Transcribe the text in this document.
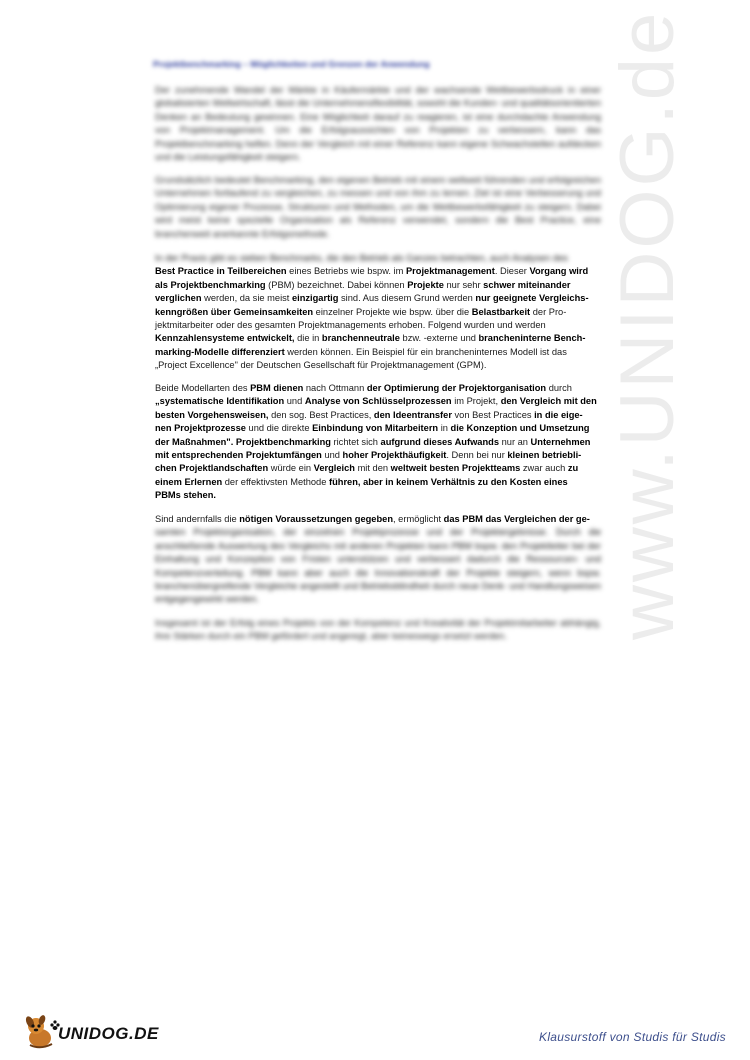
Projektbenchmarking – Möglichkeiten und Grenzen der Anwendung
Der zunehmende Wandel der Märkte in Käufermärkte und der wachsende Wettbewerbsdruck in einer globalisierten Weltwirtschaft, lässt die Unternehmensflexibilität, sowohl die Kunden- und qualitätsorientierten Denken an Bedeutung gewinnen. Eine Möglichkeit darauf zu reagieren, ist eine durchdachte Anwendung von Projektmanagement. Um die Erfolgsaussichten von Projekten zu verbessern, kann das Projektbenchmarking helfen. Denn der Vergleich mit einer Referenz kann eigene Schwachstellen aufdecken und die Leistungsfähigkeit steigern.
Grundsätzlich bedeutet Benchmarking, den eigenen Betrieb mit einem weltweit führenden und erfolgreichen Unternehmen fortlaufend zu vergleichen, zu messen und von ihm zu lernen. Ziel ist eine Verbesserung und Optimierung eigener Prozesse, Strukturen und Methoden, um die Wettbewerbsfähigkeit zu steigern. Dabei wird meist keine spezielle Organisation als Referenz verwendet, sondern die Best Practice, eine branchenweit anerkannte Erfolgsmethode.
In der Praxis gibt es sieben Benchmarks, die den Betrieb als Ganzes betrachten, auch Analysen des
Best Practice in Teilbereichen eines Betriebs wie bspw. im Projektmanagement. Dieser Vorgang wird
als Projektbenchmarking (PBM) bezeichnet. Dabei können Projekte nur sehr schwer miteinander
verglichen werden, da sie meist einzigartig sind. Aus diesem Grund werden nur geeignete Vergleichs-
kenngrößen über Gemeinsamkeiten einzelner Projekte wie bspw. über die Belastbarkeit der Pro-
jektmitarbeiter oder des gesamten Projektmanagements erhoben. Folgend wurden und werden
Kennzahlensysteme entwickelt, die in branchenneutrale bzw. -externe und brancheninterne Bench-
marking-Modelle differenziert werden können. Ein Beispiel für ein brancheninternes Modell ist das
„Project Excellence" der Deutschen Gesellschaft für Projektmanagement (GPM).
Beide Modellarten des PBM dienen nach Ottmann der Optimierung der Projektorganisation durch
„systematische Identifikation und Analyse von Schlüsselprozessen im Projekt, den Vergleich mit den
besten Vorgehensweisen, den sog. Best Practices, den Ideentransfer von Best Practices in die eige-
nen Projektprozesse und die direkte Einbindung von Mitarbeitern in die Konzeption und Umsetzung
der Maßnahmen". Projektbenchmarking richtet sich aufgrund dieses Aufwands nur an Unternehmen
mit entsprechenden Projektumfängen und hoher Projekthäufigkeit. Denn bei nur kleinen betriebli-
chen Projektlandschaften würde ein Vergleich mit den weltweit besten Projektteams zwar auch zu
einem Erlernen der effektivsten Methode führen, aber in keinem Verhältnis zu den Kosten eines
PBMs stehen.
Sind andernfalls die nötigen Voraussetzungen gegeben, ermöglicht das PBM das Vergleichen der ge-
samten Projektorganisation, der einzelnen Projektprozesse und der Projektergebnisse. Durch die anschließende Auswertung des Vergleichs mit anderen Projekten kann PBM bspw. den Projektleiter bei der Einhaltung und Konzeption von Fristen unterstützen und verbessert dadurch die Ressourcen- und Kompetenzverteilung. PBM kann aber auch die Innovationskraft der Projekte steigern, wenn bspw. branchenübergreifende Vergleiche angestellt und Betriebsblindheit durch neue Denk- und Handlungsweisen entgegengewirkt werden.
Insgesamt ist der Erfolg eines Projekts von der Kompetenz und Kreativität der Projektmitarbeiter abhängig, ihre Stärken durch ein PBM gefördert und angeregt, aber keineswegs ersetzt werden.	www.UNIDOG.de
UNIDOG.DE	Klausurstoff von Studis für Studis
